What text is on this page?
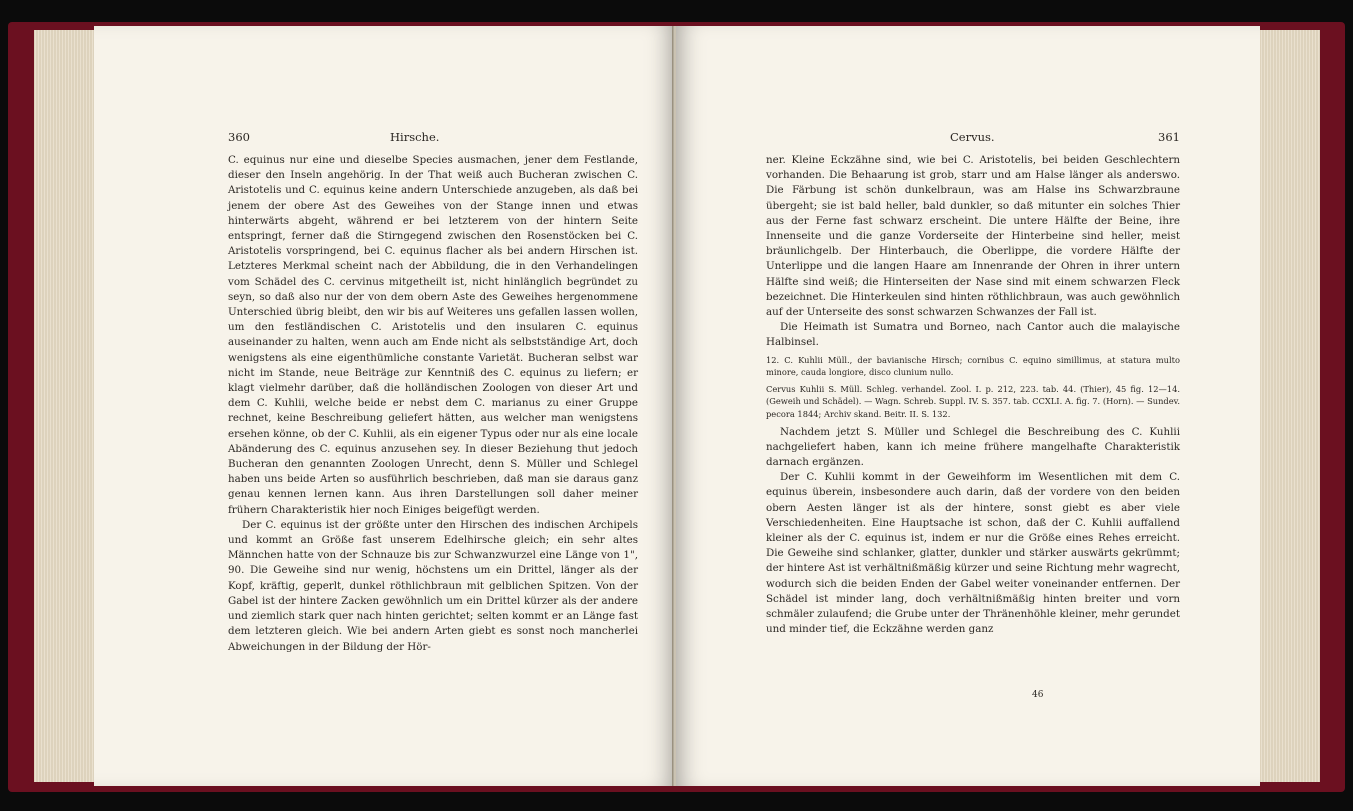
360	Hirsche.

C. equinus nur eine und dieselbe Species ausmachen, jener dem Festlande, dieser den Inseln angehörig. In der That weiß auch Bucheran zwischen C. Aristotelis und C. equinus keine andern Unterschiede anzugeben, als daß bei jenem der obere Ast des Geweihes von der Stange innen und etwas hinterwärts abgeht, während er bei letzterem von der hintern Seite entspringt, ferner daß die Stirngegend zwischen den Rosenstöcken bei C. Aristotelis vorspringend, bei C. equinus flacher als bei andern Hirschen ist. Letzteres Merkmal scheint nach der Abbildung, die in den Verhandelingen vom Schädel des C. cervinus mitgetheilt ist, nicht hinlänglich begründet zu seyn, so daß also nur der von dem obern Aste des Geweihes hergenommene Unterschied übrig bleibt, den wir bis auf Weiteres uns gefallen lassen wollen, um den festländischen C. Aristotelis und den insularen C. equinus auseinander zu halten, wenn auch am Ende nicht als selbstständige Art, doch wenigstens als eine eigenthümliche constante Varietät. Bucheran selbst war nicht im Stande, neue Beiträge zur Kenntniß des C. equinus zu liefern; er klagt vielmehr darüber, daß die holländischen Zoologen von dieser Art und dem C. Kuhlii, welche beide er nebst dem C. marianus zu einer Gruppe rechnet, keine Beschreibung geliefert hätten, aus welcher man wenigstens ersehen könne, ob der C. Kuhlii, als ein eigener Typus oder nur als eine locale Abänderung des C. equinus anzusehen sey. In dieser Beziehung thut jedoch Bucheran den genannten Zoologen Unrecht, denn S. Müller und Schlegel haben uns beide Arten so ausführlich beschrieben, daß man sie daraus ganz genau kennen lernen kann. Aus ihren Darstellungen soll daher meiner frühern Charakteristik hier noch Einiges beigefügt werden.

Der C. equinus ist der größte unter den Hirschen des indischen Archipels und kommt an Größe fast unserem Edelhirsche gleich; ein sehr altes Männchen hatte von der Schnauze bis zur Schwanzwurzel eine Länge von 1", 90. Die Geweihe sind nur wenig, höchstens um ein Drittel, länger als der Kopf, kräftig, geperlt, dunkel röthlichbraun mit gelblichen Spitzen. Von der Gabel ist der hintere Zacken gewöhnlich um ein Drittel kürzer als der andere und ziemlich stark quer nach hinten gerichtet; selten kommt er an Länge fast dem letzteren gleich. Wie bei andern Arten giebt es sonst noch mancherlei Abweichungen in der Bildung der Hör-

Cervus.	361

ner. Kleine Eckzähne sind, wie bei C. Aristotelis, bei beiden Geschlechtern vorhanden. Die Behaarung ist grob, starr und am Halse länger als anderswo. Die Färbung ist schön dunkelbraun, was am Halse ins Schwarzbraune übergeht; sie ist bald heller, bald dunkler, so daß mitunter ein solches Thier aus der Ferne fast schwarz erscheint. Die untere Hälfte der Beine, ihre Innenseite und die ganze Vorderseite der Hinterbeine sind heller, meist bräunlichgelb. Der Hinterbauch, die Oberlippe, die vordere Hälfte der Unterlippe und die langen Haare am Innenrande der Ohren in ihrer untern Hälfte sind weiß; die Hinterseiten der Nase sind mit einem schwarzen Fleck bezeichnet. Die Hinterkeulen sind hinten röthlichbraun, was auch gewöhnlich auf der Unterseite des sonst schwarzen Schwanzes der Fall ist.

Die Heimath ist Sumatra und Borneo, nach Cantor auch die malayische Halbinsel.

12. C. Kuhlii Müll., der bavianische Hirsch; cornibus C. equino simillimus, at statura multo minore, cauda longiore, disco clunium nullo.

Cervus Kuhlii S. Müll. Schleg. verhandel. Zool. I. p. 212, 223. tab. 44. (Thier), 45 fig. 12—14. (Geweih und Schädel). — Wagn. Schreb. Suppl. IV. S. 357. tab. CCXLI. A. fig. 7. (Horn). — Sundev. pecora 1844; Archiv skand. Beitr. II. S. 132.

Nachdem jetzt S. Müller und Schlegel die Beschreibung des C. Kuhlii nachgeliefert haben, kann ich meine frühere mangelhafte Charakteristik darnach ergänzen.

Der C. Kuhlii kommt in der Geweihform im Wesentlichen mit dem C. equinus überein, insbesondere auch darin, daß der vordere von den beiden obern Aesten länger ist als der hintere, sonst giebt es aber viele Verschiedenheiten. Eine Hauptsache ist schon, daß der C. Kuhlii auffallend kleiner als der C. equinus ist, indem er nur die Größe eines Rehes erreicht. Die Geweihe sind schlanker, glatter, dunkler und stärker auswärts gekrümmt; der hintere Ast ist verhältnißmäßig kürzer und seine Richtung mehr wagrecht, wodurch sich die beiden Enden der Gabel weiter voneinander entfernen. Der Schädel ist minder lang, doch verhältnißmäßig hinten breiter und vorn schmäler zulaufend; die Grube unter der Thränenhöhle kleiner, mehr gerundet und minder tief, die Eckzähne werden ganz

46
